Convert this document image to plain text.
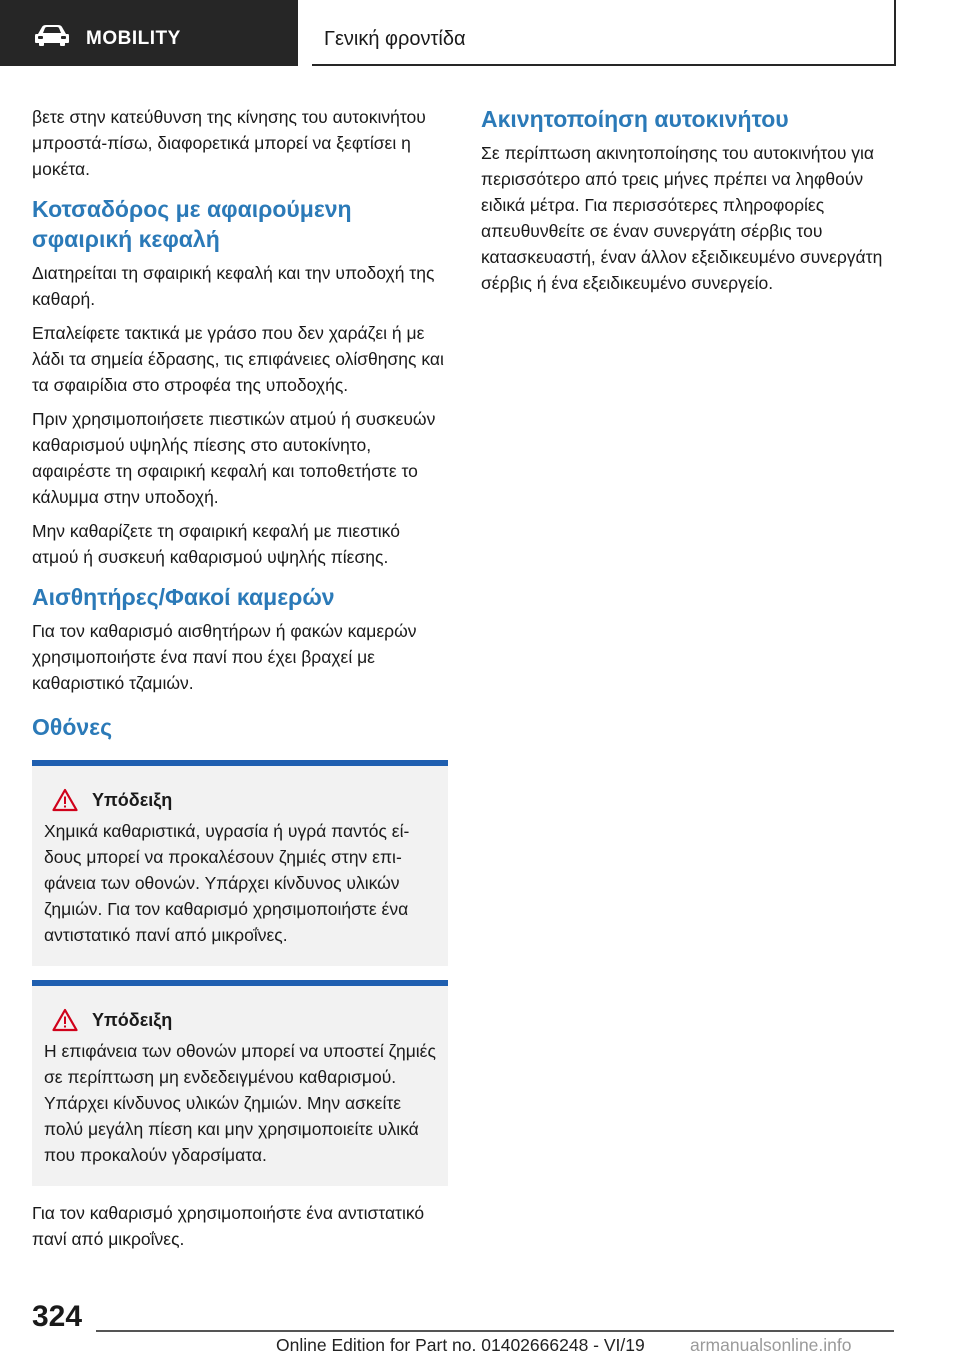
MOBILITY	Γενική φροντίδα

βετε στην κατεύθυνση της κίνησης του αυτοκινήτου μπροστά-πίσω, διαφορετικά μπορεί να ξεφτίσει η μοκέτα.

Κοτσαδόρος με αφαιρούμενη σφαιρική κεφαλή

Διατηρείται τη σφαιρική κεφαλή και την υποδοχή της καθαρή.

Επαλείφετε τακτικά με γράσο που δεν χαράζει ή με λάδι τα σημεία έδρασης, τις επιφάνειες ολίσθησης και τα σφαιρίδια στο στροφέα της υποδοχής.

Πριν χρησιμοποιήσετε πιεστικών ατμού ή συσκευών καθαρισμού υψηλής πίεσης στο αυτοκίνητο, αφαιρέστε τη σφαιρική κεφαλή και τοποθετήστε το κάλυμμα στην υποδοχή.

Μην καθαρίζετε τη σφαιρική κεφαλή με πιεστικό ατμού ή συσκευή καθαρισμού υψηλής πίεσης.

Αισθητήρες/Φακοί καμερών

Για τον καθαρισμό αισθητήρων ή φακών καμερών χρησιμοποιήστε ένα πανί που έχει βραχεί με καθαριστικό τζαμιών.

Οθόνες
Υπόδειξη

Χημικά καθαριστικά, υγρασία ή υγρά παντός είδους μπορεί να προκαλέσουν ζημιές στην επιφάνεια των οθονών. Υπάρχει κίνδυνος υλικών ζημιών. Για τον καθαρισμό χρησιμοποιήστε ένα αντιστατικό πανί από μικροΐνες.

Υπόδειξη

Η επιφάνεια των οθονών μπορεί να υποστεί ζημιές σε περίπτωση μη ενδεδειγμένου καθαρισμού. Υπάρχει κίνδυνος υλικών ζημιών. Μην ασκείτε πολύ μεγάλη πίεση και μην χρησιμοποιείτε υλικά που προκαλούν γδαρσίματα.

Για τον καθαρισμό χρησιμοποιήστε ένα αντιστατικό πανί από μικροΐνες.

Ακινητοποίηση αυτοκινήτου

Σε περίπτωση ακινητοποίησης του αυτοκινήτου για περισσότερο από τρεις μήνες πρέπει να ληφθούν ειδικά μέτρα. Για περισσότερες πληροφορίες απευθυνθείτε σε έναν συνεργάτη σέρβις του κατασκευαστή, έναν άλλον εξειδικευμένο συνεργάτη σέρβις ή ένα εξειδικευμένο συνεργείο.

324
Online Edition for Part no. 01402666248 - VI/19	armanualsonline.info
